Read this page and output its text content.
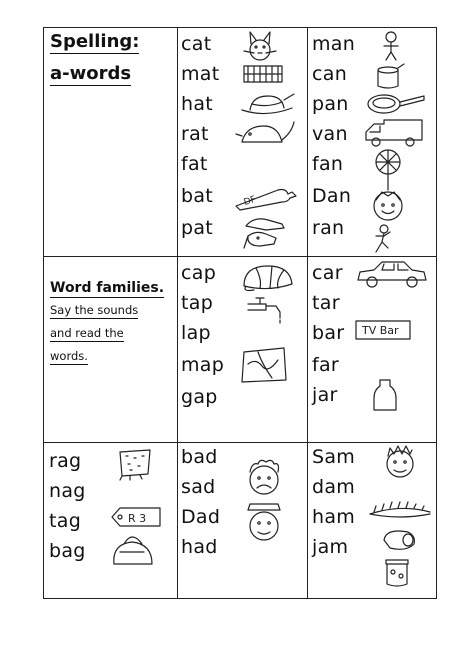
Spelling:
a-words
Word families.
Say the sounds
and read the
words.
cat
mat
hat
rat
fat
bat
pat
man
can
pan
van
fan
Dan
ran
cap
tap
lap
map
gap
car
tar
bar
far
jar
rag
nag
tag
bag
bad
sad
Dad
had
Sam
dam
ham
jam
DF
TV Bar
R 3
